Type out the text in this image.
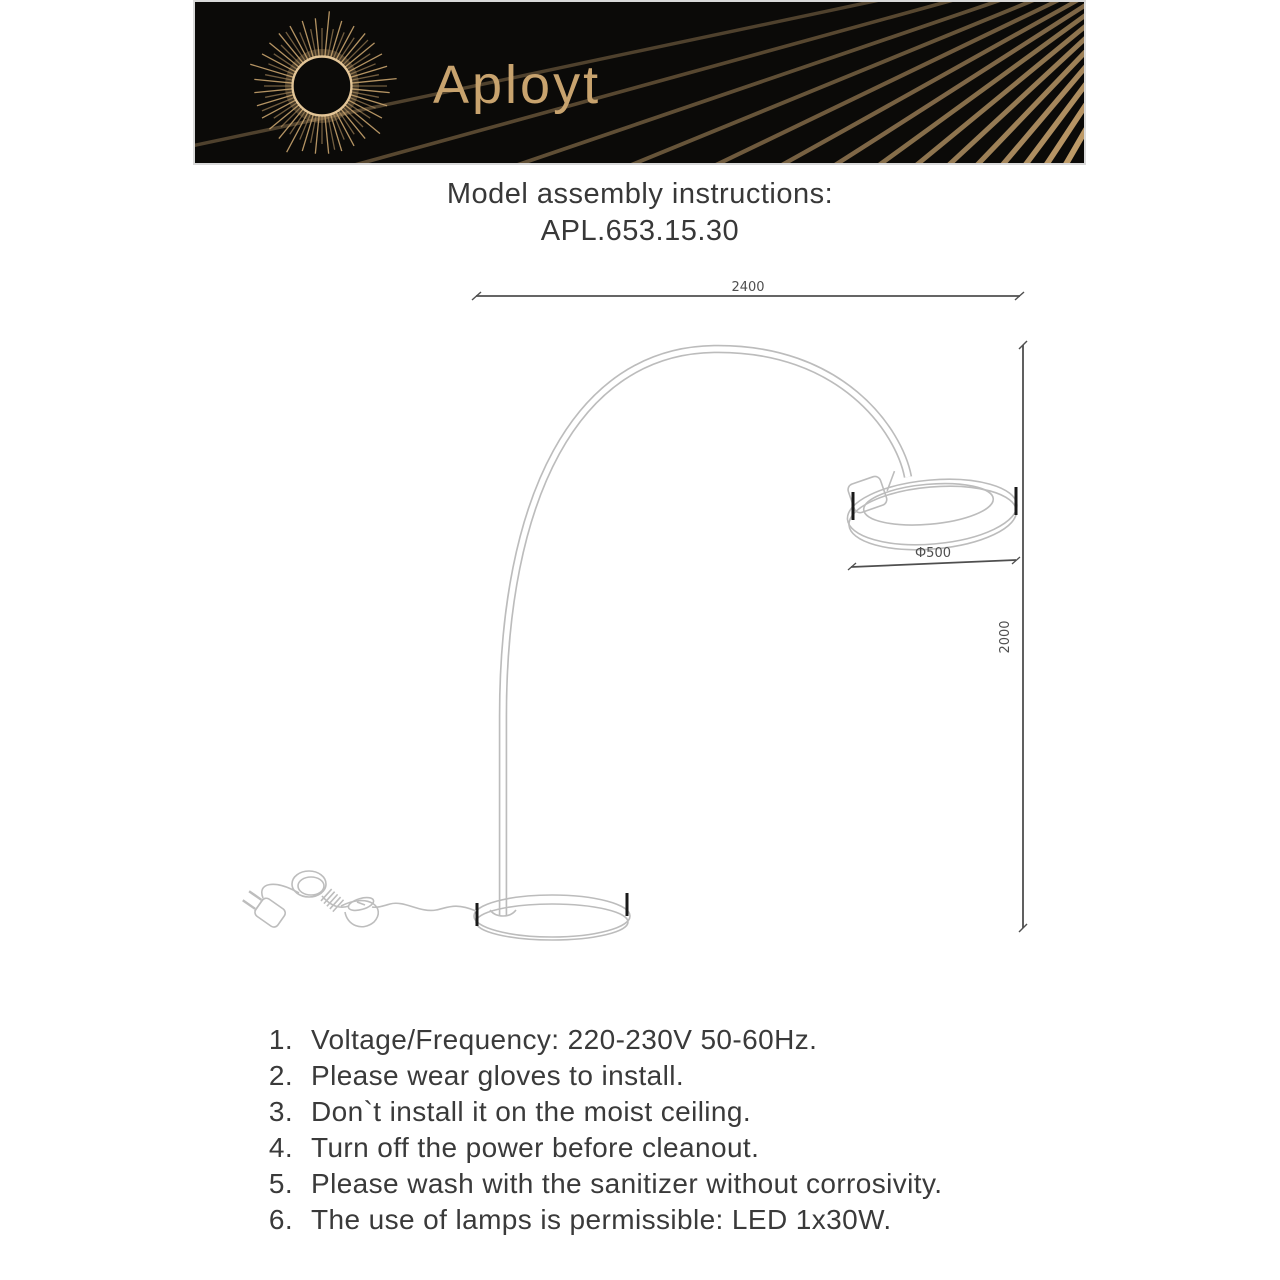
Aployt
Model assembly instructions:
APL.653.15.30
2400
2000
Ф500
1. Voltage/Frequency: 220-230V 50-60Hz.
2. Please wear gloves to install.
3. Don`t install it on the moist ceiling.
4. Turn off the power before cleanout.
5. Please wash with the sanitizer without corrosivity.
6. The use of lamps is permissible: LED 1x30W.
